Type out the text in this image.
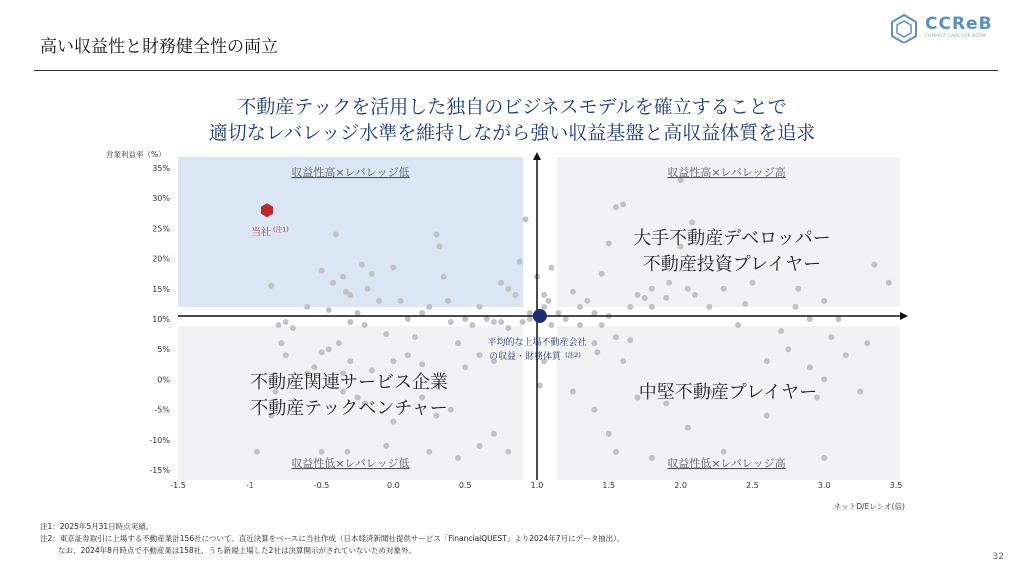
高い収益性と財務健全性の両立
CCReB
COMPACT CARE FOR BOOM
不動産テックを活用した独自のビジネスモデルを確立することで
適切なレバレッジ水準を維持しながら強い収益基盤と高収益体質を追求
35%
30%
25%
20%
15%
10%
5%
0%
-5%
-10%
-15%
-1.5	-1	-0.5	0.0	0.5	1.0	1.5	2.0	2.5	3.0	3.5
営業利益率（%）
ネットD/Eレシオ(倍)
収益性高×レバレッジ低	収益性高×レバレッジ高
収益性低×レバレッジ低	収益性低×レバレッジ高
大手不動産デベロッパー
不動産投資プレイヤー
不動産関連サービス企業
不動産テックベンチャー
中堅不動産プレイヤー
当社 (注1)
平均的な上場不動産会社
の収益・財務体質 (注2)
注1：2025年5月31日時点実績。
注2：東京証券取引に上場する不動産業計156社について、直近決算をベースに当社作成（日本経済新聞社提供サービス「FinancialQUEST」より2024年7月にデータ抽出）。
なお、2024年8月時点で不動産業は158社、うち新規上場した2社は決算開示がされていないため対象外。
32
